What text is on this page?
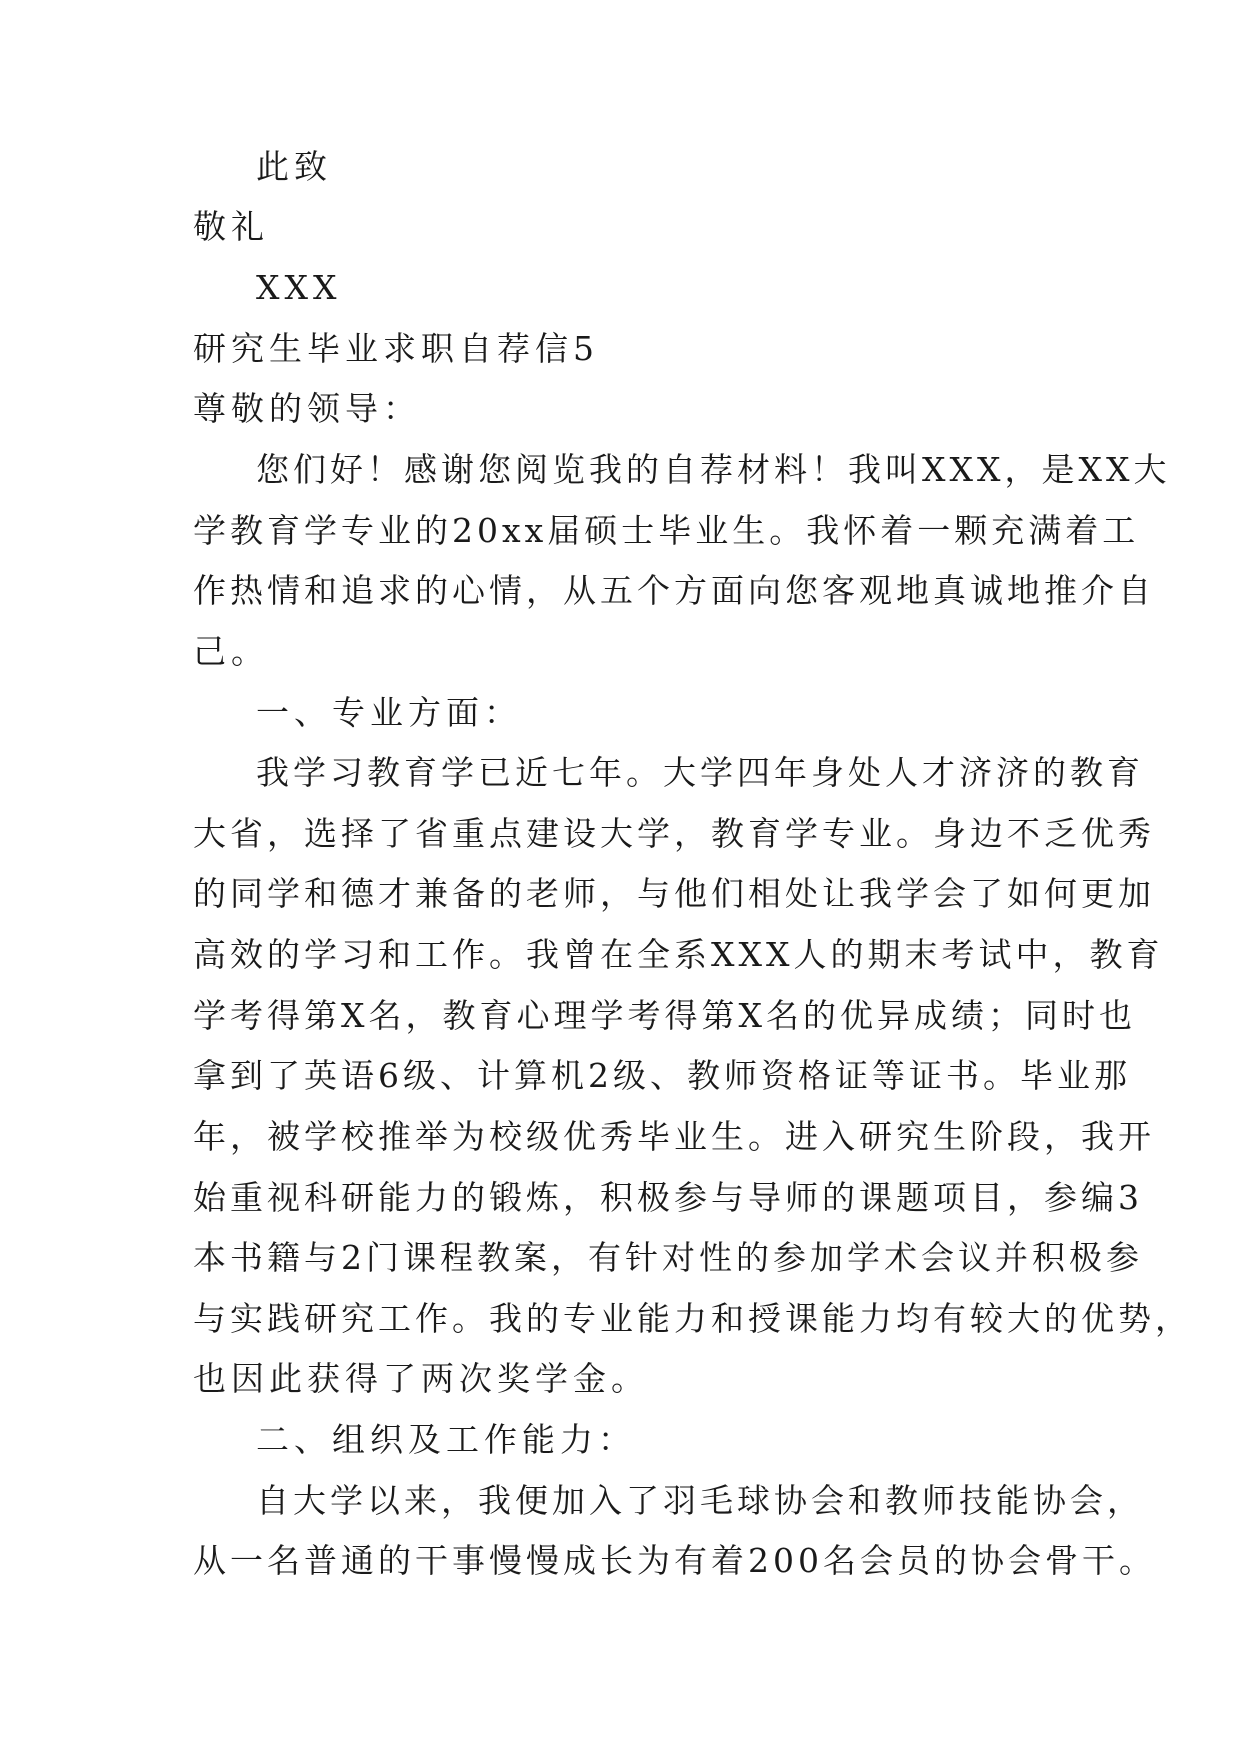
此致
敬礼
XXX
研究生毕业求职自荐信5
尊敬的领导：
您们好！感谢您阅览我的自荐材料！我叫XXX，是XX大
学教育学专业的20xx届硕士毕业生。我怀着一颗充满着工
作热情和追求的心情，从五个方面向您客观地真诚地推介自
己。
一、专业方面：
我学习教育学已近七年。大学四年身处人才济济的教育
大省，选择了省重点建设大学，教育学专业。身边不乏优秀
的同学和德才兼备的老师，与他们相处让我学会了如何更加
高效的学习和工作。我曾在全系XXX人的期末考试中，教育
学考得第X名，教育心理学考得第X名的优异成绩；同时也
拿到了英语6级、计算机2级、教师资格证等证书。毕业那
年，被学校推举为校级优秀毕业生。进入研究生阶段，我开
始重视科研能力的锻炼，积极参与导师的课题项目，参编3
本书籍与2门课程教案，有针对性的参加学术会议并积极参
与实践研究工作。我的专业能力和授课能力均有较大的优势，
也因此获得了两次奖学金。
二、组织及工作能力：
自大学以来，我便加入了羽毛球协会和教师技能协会，
从一名普通的干事慢慢成长为有着200名会员的协会骨干。
